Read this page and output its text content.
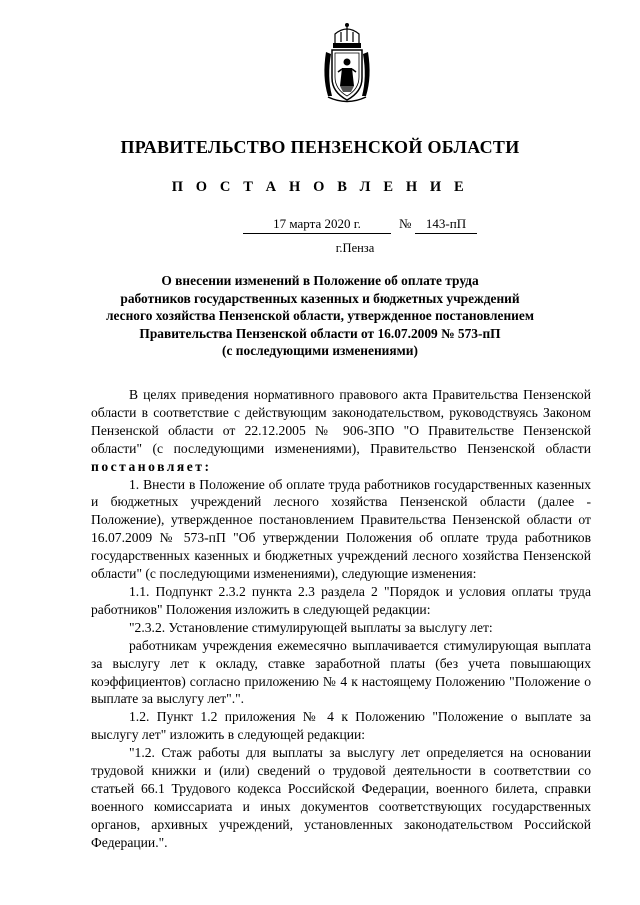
ПРАВИТЕЛЬСТВО ПЕНЗЕНСКОЙ ОБЛАСТИ
П О С Т А Н О В Л Е Н И Е
17 марта 2020 г.	№	143-пП
г.Пенза
О внесении изменений в Положение об оплате труда
работников государственных казенных и бюджетных учреждений
лесного хозяйства Пензенской области, утвержденное постановлением
Правительства Пензенской области от 16.07.2009 № 573-пП
(с последующими изменениями)

В целях приведения нормативного правового акта Правительства Пензенской области в соответствие с действующим законодательством, руководствуясь Законом Пензенской области от 22.12.2005 № 906-ЗПО "О Правительстве Пензенской области" (с последующими изменениями), Правительство Пензенской области постановляет:

1. Внести в Положение об оплате труда работников государственных казенных и бюджетных учреждений лесного хозяйства Пензенской области (далее - Положение), утвержденное постановлением Правительства Пензенской области от 16.07.2009 № 573-пП "Об утверждении Положения об оплате труда работников государственных казенных и бюджетных учреждений лесного хозяйства Пензенской области" (с последующими изменениями), следующие изменения:

1.1. Подпункт 2.3.2 пункта 2.3 раздела 2 "Порядок и условия оплаты труда работников" Положения изложить в следующей редакции:

"2.3.2. Установление стимулирующей выплаты за выслугу лет:

работникам учреждения ежемесячно выплачивается стимулирующая выплата за выслугу лет к окладу, ставке заработной платы (без учета повышающих коэффициентов) согласно приложению № 4 к настоящему Положению "Положение о выплате за выслугу лет".".

1.2. Пункт 1.2 приложения № 4 к Положению "Положение о выплате за выслугу лет" изложить в следующей редакции:

"1.2. Стаж работы для выплаты за выслугу лет определяется на основании трудовой книжки и (или) сведений о трудовой деятельности в соответствии со статьей 66.1 Трудового кодекса Российской Федерации, военного билета, справки военного комиссариата и иных документов соответствующих государственных органов, архивных учреждений, установленных законодательством Российской Федерации.".
